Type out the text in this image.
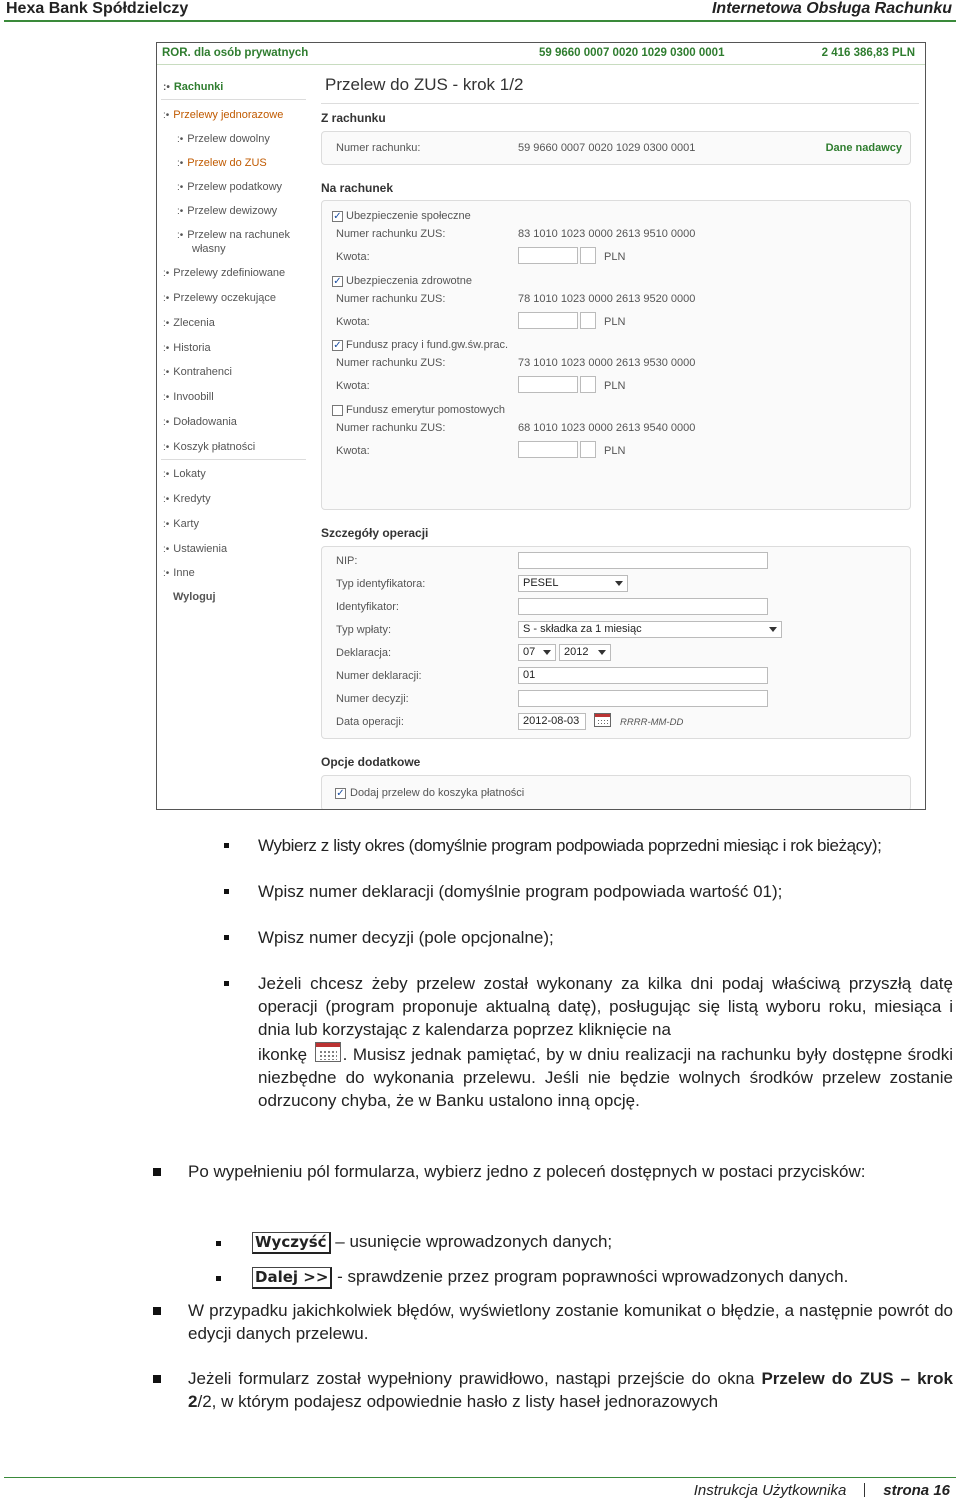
Hexa Bank Spółdzielczy	Internetowa Obsługa Rachunku
ROR. dla osób prywatnych	59 9660 0007 0020 1029 0300 0001	2 416 386,83 PLN
:• Rachunki
:• Przelewy jednorazowe
:• Przelew dowolny
:• Przelew do ZUS
:• Przelew podatkowy
:• Przelew dewizowy
:• Przelew na rachunek
własny
:• Przelewy zdefiniowane
:• Przelewy oczekujące
:• Zlecenia
:• Historia
:• Kontrahenci
:• Invoobill
:• Doładowania
:• Koszyk płatności
:• Lokaty
:• Kredyty
:• Karty
:• Ustawienia
:• Inne
Wyloguj
Przelew do ZUS - krok 1/2
Z rachunku
Numer rachunku:	59 9660 0007 0020 1029 0300 0001	Dane nadawcy
Na rachunek
✓ Ubezpieczenie społeczne
Numer rachunku ZUS:	83 1010 1023 0000 2613 9510 0000
Kwota:	PLN
✓ Ubezpieczenia zdrowotne
Numer rachunku ZUS:	78 1010 1023 0000 2613 9520 0000
Kwota:	PLN
✓ Fundusz pracy i fund.gw.św.prac.
Numer rachunku ZUS:	73 1010 1023 0000 2613 9530 0000
Kwota:	PLN
Fundusz emerytur pomostowych
Numer rachunku ZUS:	68 1010 1023 0000 2613 9540 0000
Kwota:	PLN
Szczegóły operacji
NIP:
Typ identyfikatora:	PESEL
Identyfikator:
Typ wpłaty:	S - składka za 1 miesiąc
Deklaracja:	07	2012
Numer deklaracji:	01
Numer decyzji:
Data operacji:	2012-08-03	RRRR-MM-DD
Opcje dodatkowe
✓ Dodaj przelew do koszyka płatności
Wybierz z listy okres (domyślnie program podpowiada poprzedni miesiąc i rok bieżący);
Wpisz numer deklaracji (domyślnie program podpowiada wartość 01);
Wpisz numer decyzji (pole opcjonalne);
Jeżeli chcesz żeby przelew został wykonany za kilka dni podaj właściwą przyszłą datę operacji (program proponuje aktualną datę), posługując się listą wyboru roku, miesiąca i dnia lub korzystając z kalendarza poprzez kliknięcie na
ikonkę . Musisz jednak pamiętać, by w dniu realizacji na rachunku były dostępne środki niezbędne do wykonania przelewu. Jeśli nie będzie wolnych środków przelew zostanie odrzucony chyba, że w Banku ustalono inną opcję.
Po wypełnieniu pól formularza, wybierz jedno z poleceń dostępnych w postaci przycisków:
Wyczyść – usunięcie wprowadzonych danych;
Dalej >> - sprawdzenie przez program poprawności wprowadzonych danych.
W przypadku jakichkolwiek błędów, wyświetlony zostanie komunikat o błędzie, a następnie powrót do edycji danych przelewu.
Jeżeli formularz został wypełniony prawidłowo, nastąpi przejście do okna Przelew do ZUS – krok 2/2, w którym podajesz odpowiednie hasło z listy haseł jednorazowych
Instrukcja Użytkownika strona 16
